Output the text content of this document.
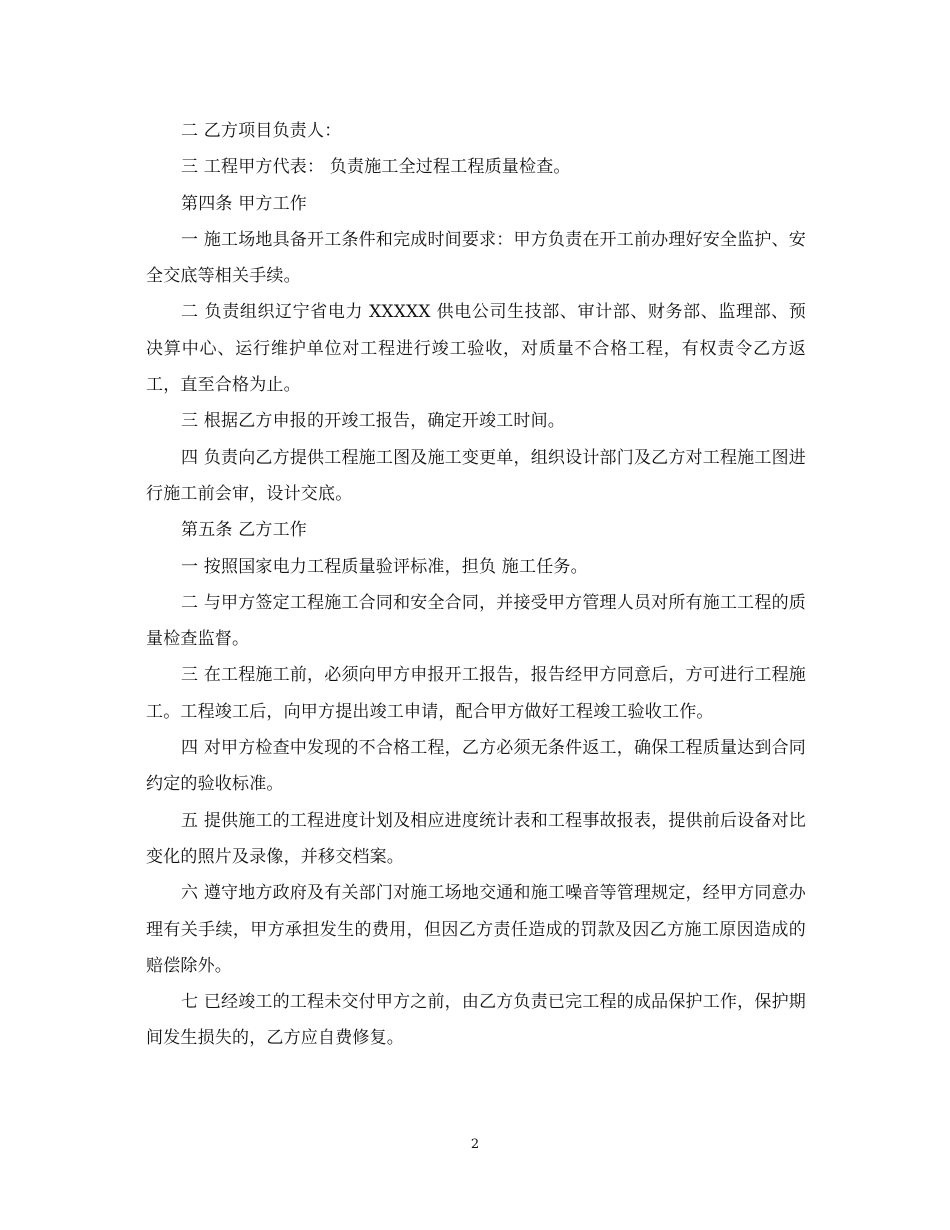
二 乙方项目负责人：

三 工程甲方代表： 负责施工全过程工程质量检查。

第四条 甲方工作

一 施工场地具备开工条件和完成时间要求：甲方负责在开工前办理好安全监护、安全交底等相关手续。

二 负责组织辽宁省电力 XXXXX 供电公司生技部、审计部、财务部、监理部、预决算中心、运行维护单位对工程进行竣工验收，对质量不合格工程，有权责令乙方返工，直至合格为止。

三 根据乙方申报的开竣工报告，确定开竣工时间。

四 负责向乙方提供工程施工图及施工变更单，组织设计部门及乙方对工程施工图进行施工前会审，设计交底。

第五条 乙方工作

一 按照国家电力工程质量验评标准，担负 施工任务。

二 与甲方签定工程施工合同和安全合同，并接受甲方管理人员对所有施工工程的质量检查监督。

三 在工程施工前，必须向甲方申报开工报告，报告经甲方同意后，方可进行工程施工。工程竣工后，向甲方提出竣工申请，配合甲方做好工程竣工验收工作。

四 对甲方检查中发现的不合格工程，乙方必须无条件返工，确保工程质量达到合同约定的验收标准。

五 提供施工的工程进度计划及相应进度统计表和工程事故报表，提供前后设备对比变化的照片及录像，并移交档案。

六 遵守地方政府及有关部门对施工场地交通和施工噪音等管理规定，经甲方同意办理有关手续，甲方承担发生的费用，但因乙方责任造成的罚款及因乙方施工原因造成的赔偿除外。

七 已经竣工的工程未交付甲方之前，由乙方负责已完工程的成品保护工作，保护期间发生损失的，乙方应自费修复。

2
